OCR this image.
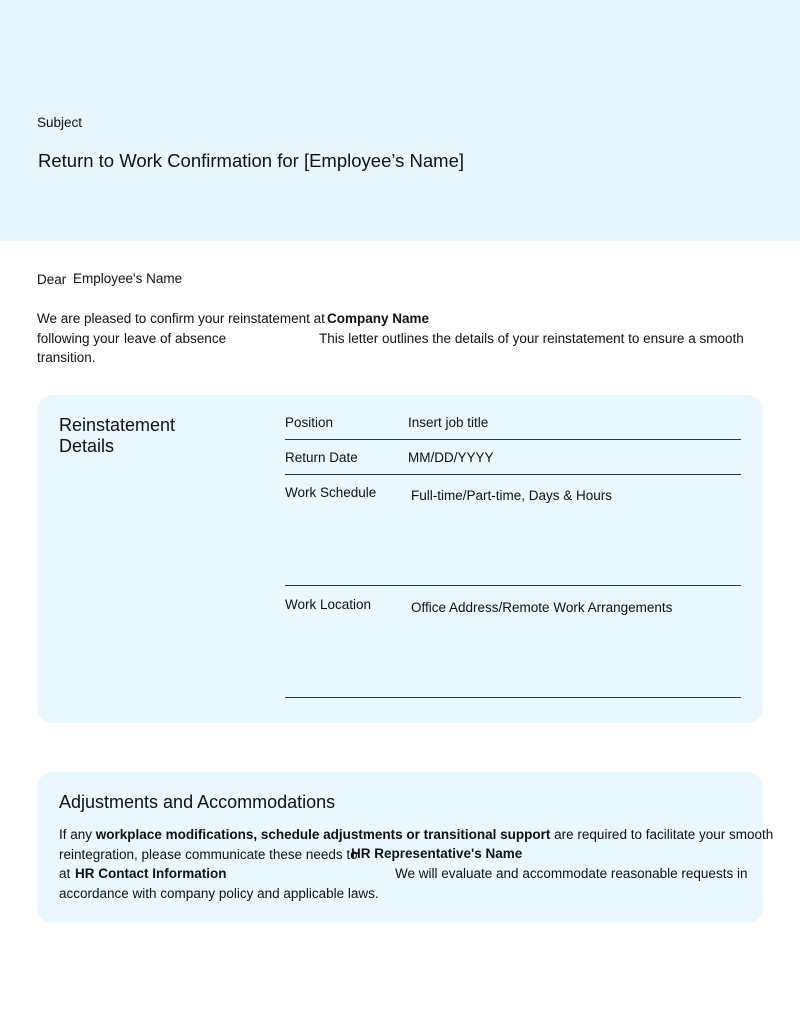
Subject
Return to Work Confirmation for [Employee’s Name]
Dear Employee's Name
We are pleased to confirm your reinstatement at Company Name
following your leave of absence	This letter outlines the details of your reinstatement to ensure a smooth
transition.
Reinstatement
Details
Position	Insert job title
Return Date	MM/DD/YYYY
Work Schedule	Full-time/Part-time, Days & Hours
Work Location	Office Address/Remote Work Arrangements
Adjustments and Accommodations
If any workplace modifications, schedule adjustments or transitional support are required to facilitate your smooth
reintegration, please communicate these needs to
HR Representative's Name
at HR Contact Information	We will evaluate and accommodate reasonable requests in
accordance with company policy and applicable laws.
